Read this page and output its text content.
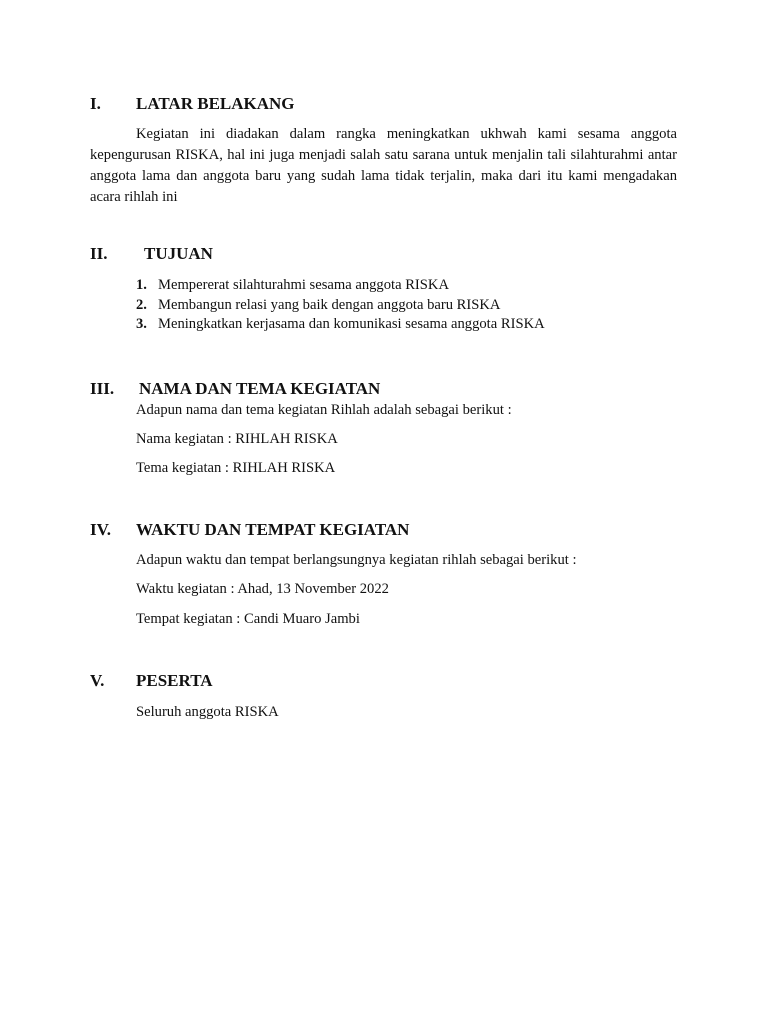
I. LATAR BELAKANG
Kegiatan ini diadakan dalam rangka meningkatkan ukhwah kami sesama anggota
kepengurusan RISKA, hal ini juga menjadi salah satu sarana untuk menjalin tali silahturahmi antar
anggota lama dan anggota baru yang sudah lama tidak terjalin, maka dari itu kami mengadakan
acara rihlah ini
II. TUJUAN
1. Mempererat silahturahmi sesama anggota RISKA
2. Membangun relasi yang baik dengan anggota baru RISKA
3. Meningkatkan kerjasama dan komunikasi sesama anggota RISKA
III. NAMA DAN TEMA KEGIATAN
Adapun nama dan tema kegiatan Rihlah adalah sebagai berikut :
Nama kegiatan : RIHLAH RISKA
Tema kegiatan : RIHLAH RISKA
IV. WAKTU DAN TEMPAT KEGIATAN
Adapun waktu dan tempat berlangsungnya kegiatan rihlah sebagai berikut :
Waktu kegiatan : Ahad, 13 November 2022
Tempat kegiatan : Candi Muaro Jambi
V. PESERTA
Seluruh anggota RISKA
